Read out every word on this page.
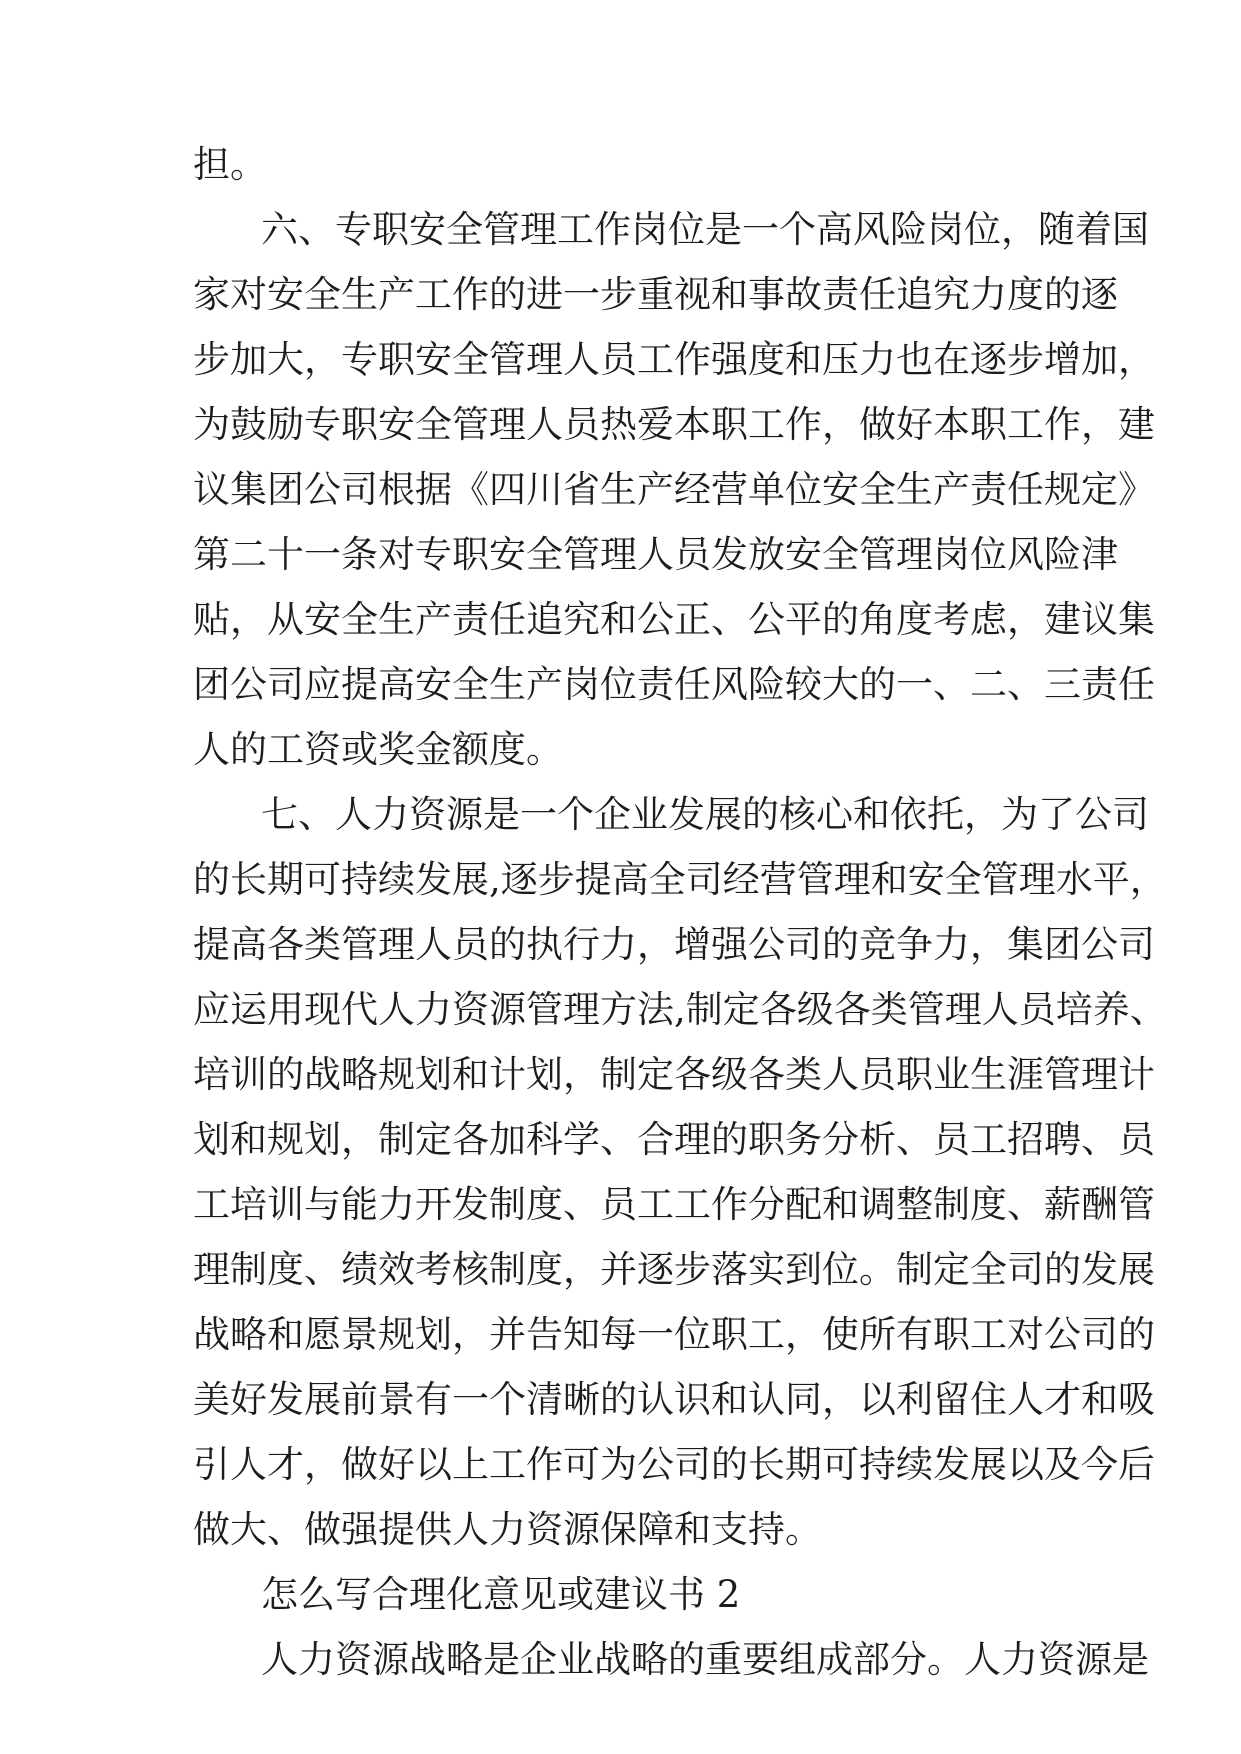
担。
六、专职安全管理工作岗位是一个高风险岗位，随着国
家对安全生产工作的进一步重视和事故责任追究力度的逐
步加大，专职安全管理人员工作强度和压力也在逐步增加，
为鼓励专职安全管理人员热爱本职工作，做好本职工作，建
议集团公司根据《四川省生产经营单位安全生产责任规定》
第二十一条对专职安全管理人员发放安全管理岗位风险津
贴，从安全生产责任追究和公正、公平的角度考虑，建议集
团公司应提高安全生产岗位责任风险较大的一、二、三责任
人的工资或奖金额度。
七、人力资源是一个企业发展的核心和依托，为了公司
的长期可持续发展,逐步提高全司经营管理和安全管理水平，
提高各类管理人员的执行力，增强公司的竞争力，集团公司
应运用现代人力资源管理方法,制定各级各类管理人员培养、
培训的战略规划和计划，制定各级各类人员职业生涯管理计
划和规划，制定各加科学、合理的职务分析、员工招聘、员
工培训与能力开发制度、员工工作分配和调整制度、薪酬管
理制度、绩效考核制度，并逐步落实到位。制定全司的发展
战略和愿景规划，并告知每一位职工，使所有职工对公司的
美好发展前景有一个清晰的认识和认同，以利留住人才和吸
引人才，做好以上工作可为公司的长期可持续发展以及今后
做大、做强提供人力资源保障和支持。
怎么写合理化意见或建议书 2
人力资源战略是企业战略的重要组成部分。人力资源是
